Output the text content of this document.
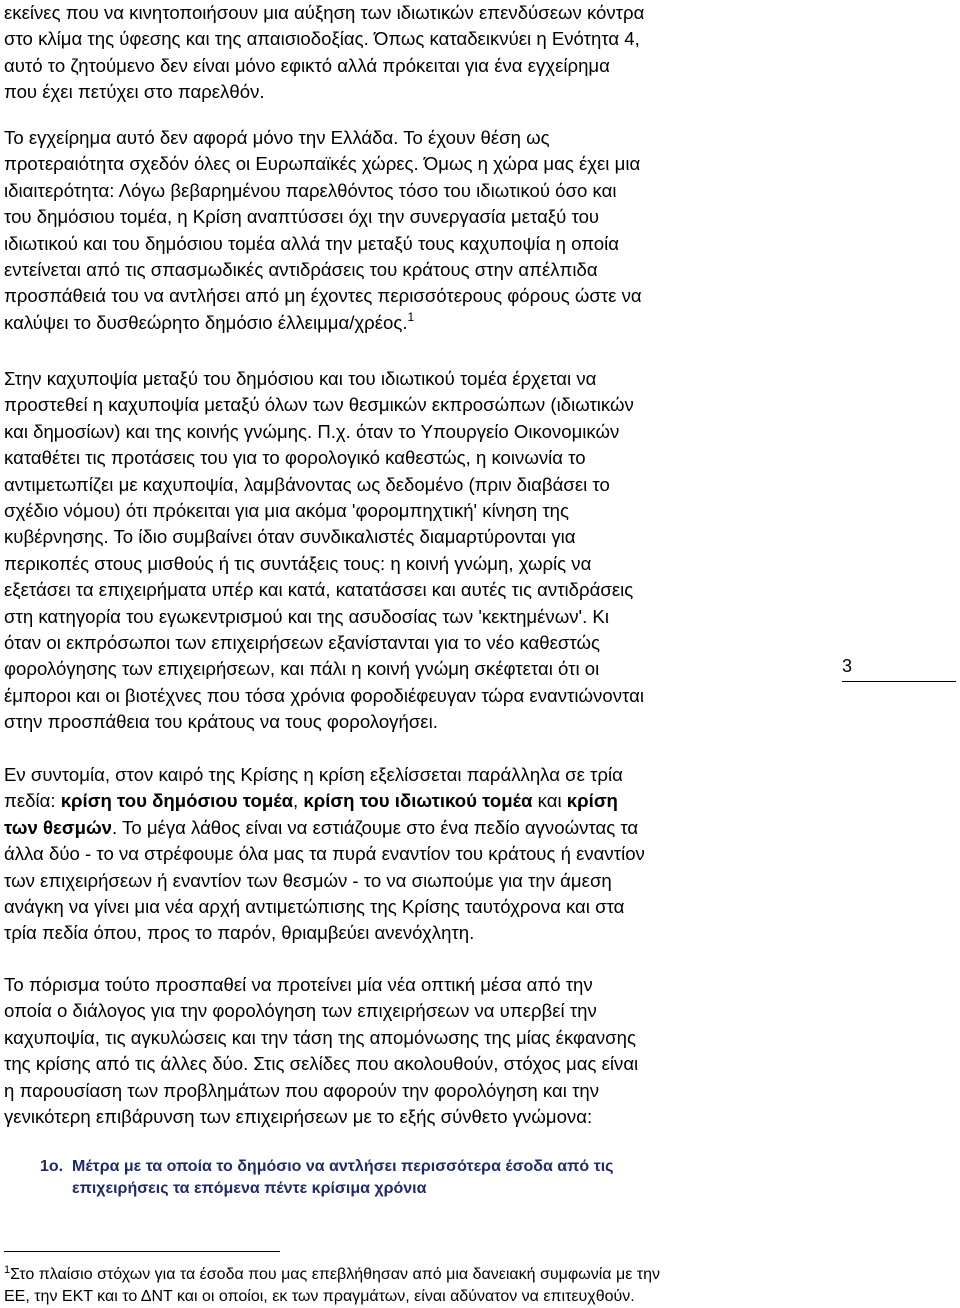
εκείνες που να κινητοποιήσουν μια αύξηση των ιδιωτικών επενδύσεων κόντρα
στο κλίμα της ύφεσης και της απαισιοδοξίας. Όπως καταδεικνύει η Ενότητα 4,
αυτό το ζητούμενο δεν είναι μόνο εφικτό αλλά πρόκειται για ένα εγχείρημα
που έχει πετύχει στο παρελθόν.
Το εγχείρημα αυτό δεν αφορά μόνο την Ελλάδα. Το έχουν θέση ως
προτεραιότητα σχεδόν όλες οι Ευρωπαϊκές χώρες. Όμως η χώρα μας έχει μια
ιδιαιτερότητα: Λόγω βεβαρημένου παρελθόντος τόσο του ιδιωτικού όσο και
του δημόσιου τομέα, η Κρίση αναπτύσσει όχι την συνεργασία μεταξύ του
ιδιωτικού και του δημόσιου τομέα αλλά την μεταξύ τους καχυποψία η οποία
εντείνεται από τις σπασμωδικές αντιδράσεις του κράτους στην απέλπιδα
προσπάθειά του να αντλήσει από μη έχοντες περισσότερους φόρους ώστε να
καλύψει το δυσθεώρητο δημόσιο έλλειμμα/χρέος.$^1$
Στην καχυποψία μεταξύ του δημόσιου και του ιδιωτικού τομέα έρχεται να
προστεθεί η καχυποψία μεταξύ όλων των θεσμικών εκπροσώπων (ιδιωτικών
και δημοσίων) και της κοινής γνώμης. Π.χ. όταν το Υπουργείο Οικονομικών
καταθέτει τις προτάσεις του για το φορολογικό καθεστώς, η κοινωνία το
αντιμετωπίζει με καχυποψία, λαμβάνοντας ως δεδομένο (πριν διαβάσει το
σχέδιο νόμου) ότι πρόκειται για μια ακόμα 'φορομπηχτική' κίνηση της
κυβέρνησης. Το ίδιο συμβαίνει όταν συνδικαλιστές διαμαρτύρονται για
περικοπές στους μισθούς ή τις συντάξεις τους: η κοινή γνώμη, χωρίς να
εξετάσει τα επιχειρήματα υπέρ και κατά, κατατάσσει και αυτές τις αντιδράσεις
στη κατηγορία του εγωκεντρισμού και της ασυδοσίας των 'κεκτημένων'. Κι
όταν οι εκπρόσωποι των επιχειρήσεων εξανίστανται για το νέο καθεστώς
φορολόγησης των επιχειρήσεων, και πάλι η κοινή γνώμη σκέφτεται ότι οι
έμποροι και οι βιοτέχνες που τόσα χρόνια φοροδιέφευγαν τώρα εναντιώνονται
στην προσπάθεια του κράτους να τους φορολογήσει.
3
Εν συντομία, στον καιρό της Κρίσης η κρίση εξελίσσεται παράλληλα σε τρία
πεδία: κρίση του δημόσιου τομέα, κρίση του ιδιωτικού τομέα και κρίση
των θεσμών. Το μέγα λάθος είναι να εστιάζουμε στο ένα πεδίο αγνοώντας τα
άλλα δύο - το να στρέφουμε όλα μας τα πυρά εναντίον του κράτους ή εναντίον
των επιχειρήσεων ή εναντίον των θεσμών - το να σιωπούμε για την άμεση
ανάγκη να γίνει μια νέα αρχή αντιμετώπισης της Κρίσης ταυτόχρονα και στα
τρία πεδία όπου, προς το παρόν, θριαμβεύει ανενόχλητη.
Το πόρισμα τούτο προσπαθεί να προτείνει μία νέα οπτική μέσα από την
οποία ο διάλογος για την φορολόγηση των επιχειρήσεων να υπερβεί την
καχυποψία, τις αγκυλώσεις και την τάση της απομόνωσης της μίας έκφανσης
της κρίσης από τις άλλες δύο. Στις σελίδες που ακολουθούν, στόχος μας είναι
η παρουσίαση των προβλημάτων που αφορούν την φορολόγηση και την
γενικότερη επιβάρυνση των επιχειρήσεων με το εξής σύνθετο γνώμονα:
1ο. Μέτρα με τα οποία το δημόσιο να αντλήσει περισσότερα έσοδα από τις
επιχειρήσεις τα επόμενα πέντε κρίσιμα χρόνια
$^1$Στο πλαίσιο στόχων για τα έσοδα που μας επεβλήθησαν από μια δανειακή συμφωνία με την
ΕΕ, την ΕΚΤ και το ΔΝΤ και οι οποίοι, εκ των πραγμάτων, είναι αδύνατον να επιτευχθούν.
